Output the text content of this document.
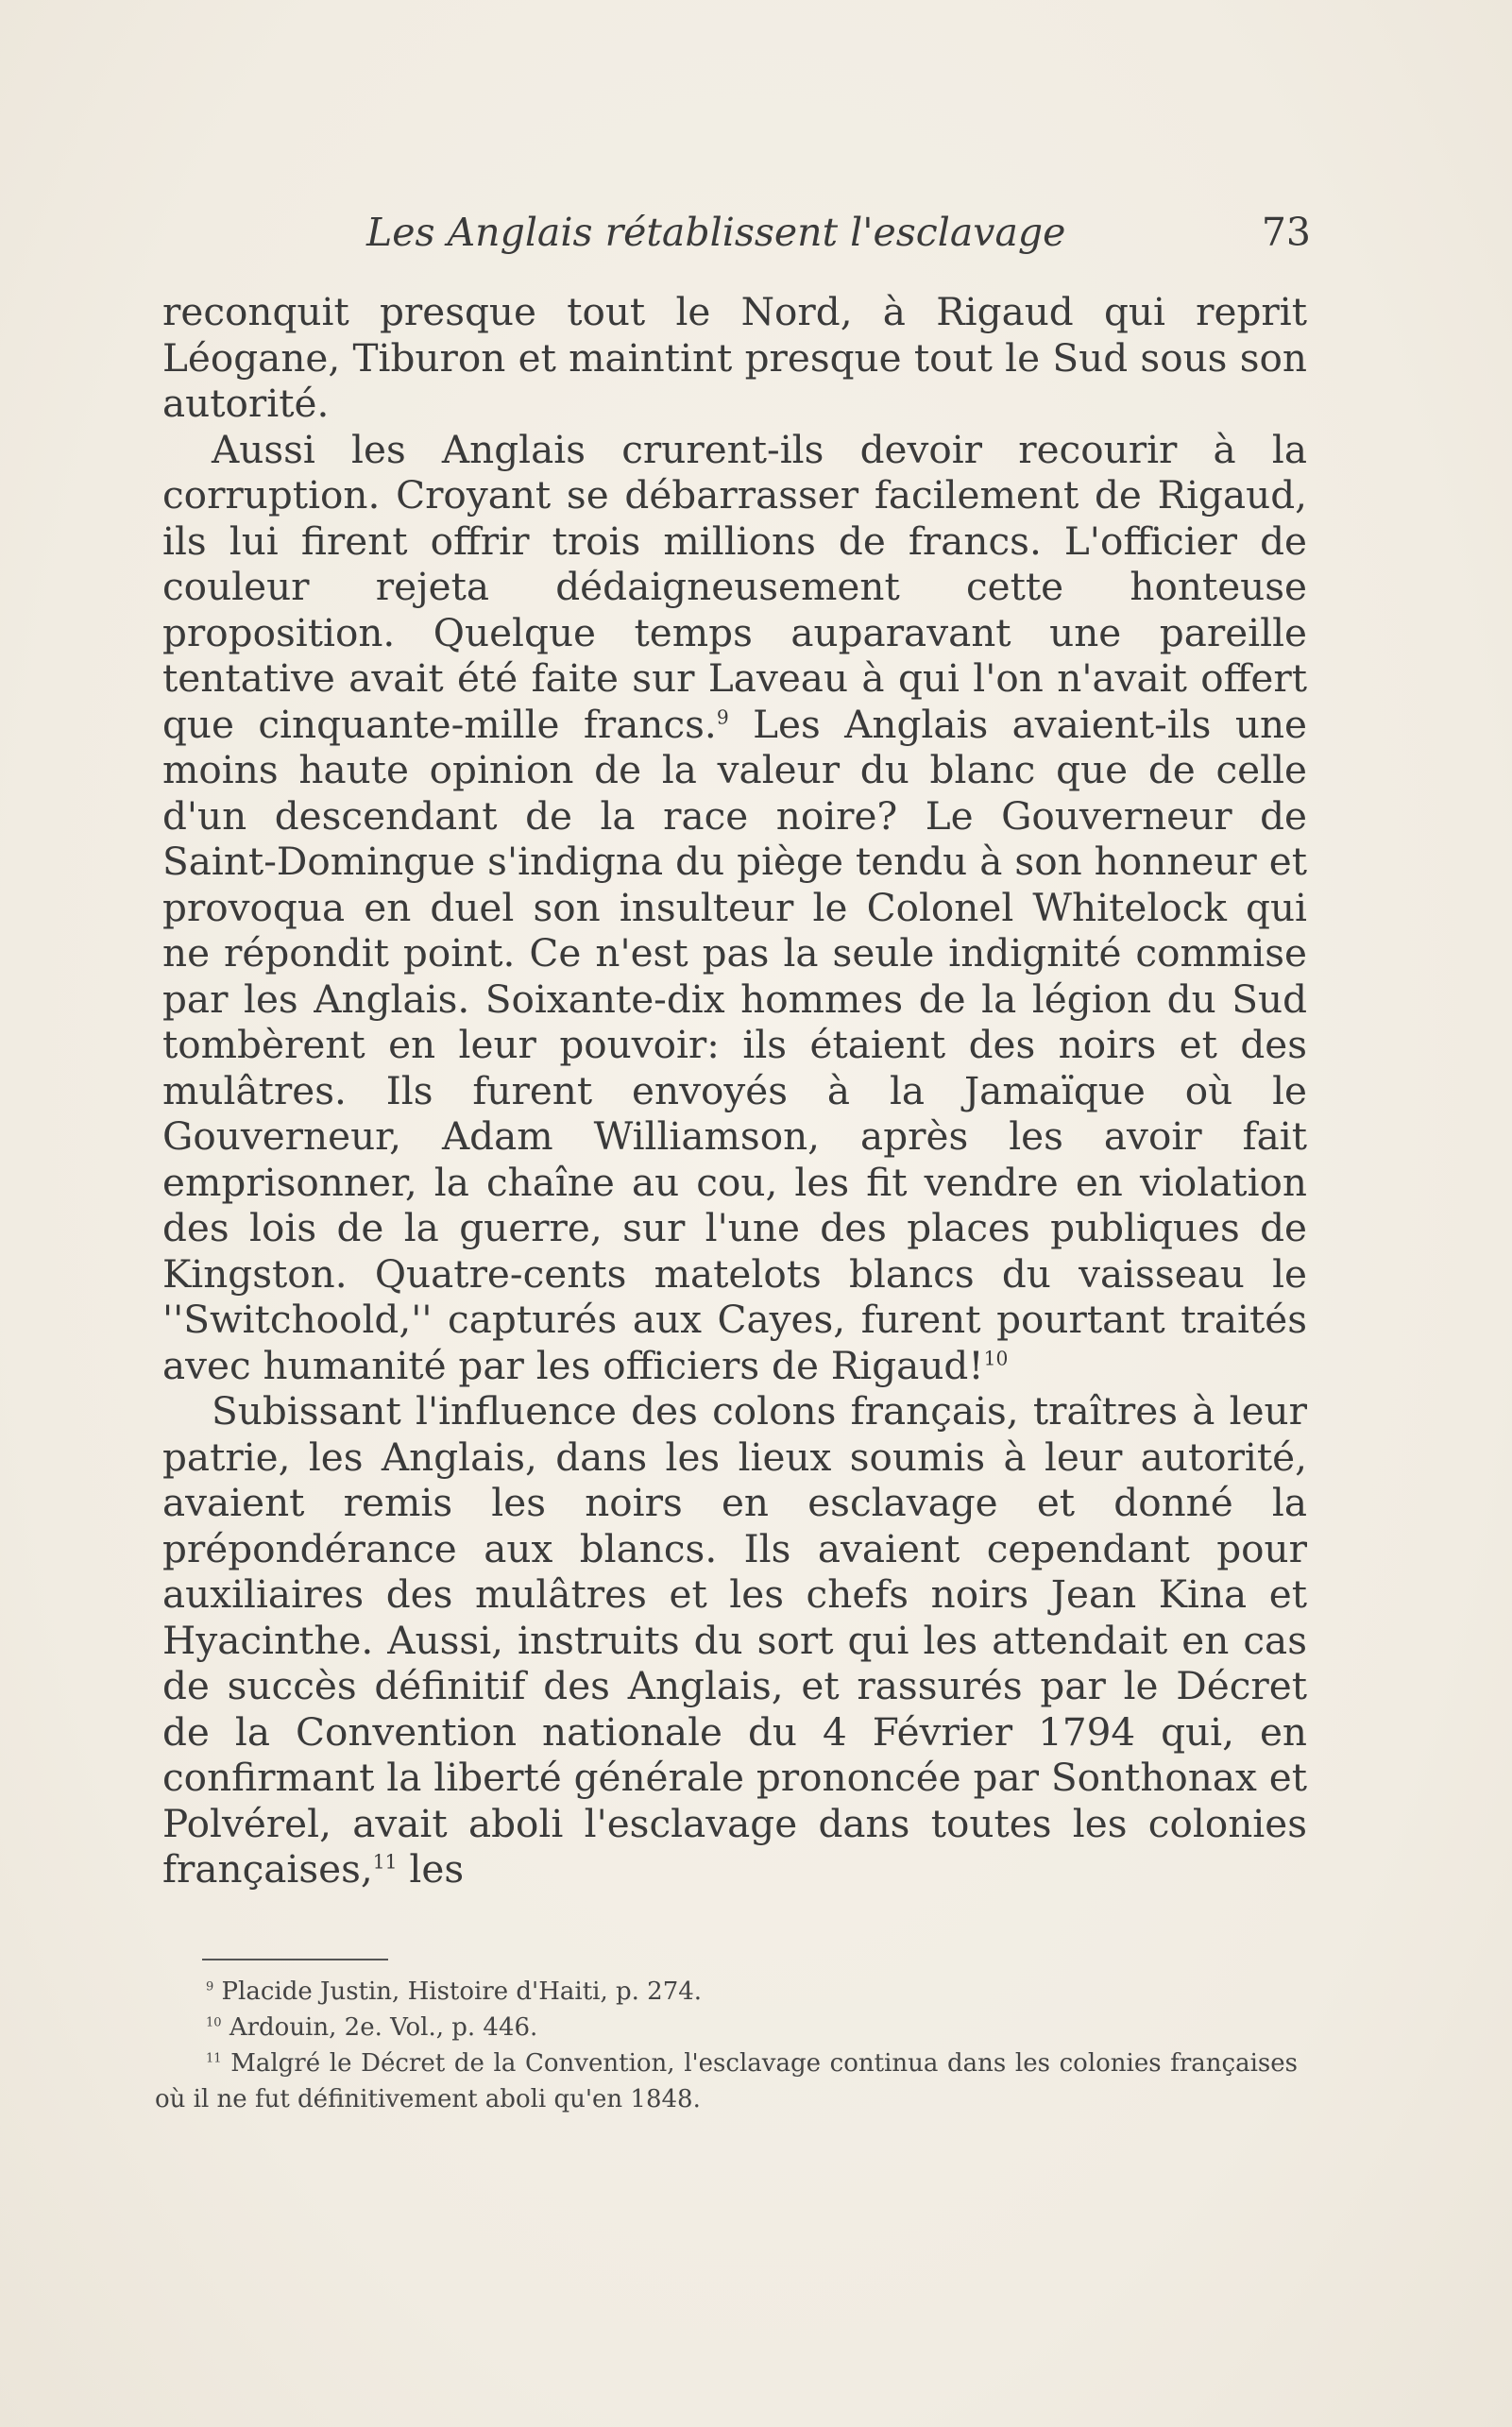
Les Anglais rétablissent l'esclavage	73

reconquit presque tout le Nord, à Rigaud qui reprit Léogane, Tiburon et maintint presque tout le Sud sous son autorité.

Aussi les Anglais crurent-ils devoir recourir à la corruption. Croyant se débarrasser facilement de Rigaud, ils lui firent offrir trois millions de francs. L'officier de couleur rejeta dédaigneusement cette honteuse proposition. Quelque temps auparavant une pareille tentative avait été faite sur Laveau à qui l'on n'avait offert que cinquante-mille francs.$^9$ Les Anglais avaient-ils une moins haute opinion de la valeur du blanc que de celle d'un descendant de la race noire? Le Gouverneur de Saint-Domingue s'indigna du piège tendu à son honneur et provoqua en duel son insulteur le Colonel Whitelock qui ne répondit point. Ce n'est pas la seule indignité commise par les Anglais. Soixante-dix hommes de la légion du Sud tombèrent en leur pouvoir: ils étaient des noirs et des mulâtres. Ils furent envoyés à la Jamaïque où le Gouverneur, Adam Williamson, après les avoir fait emprisonner, la chaîne au cou, les fit vendre en violation des lois de la guerre, sur l'une des places publiques de Kingston. Quatre-cents matelots blancs du vaisseau le ''Switchoold,'' capturés aux Cayes, furent pourtant traités avec humanité par les officiers de Rigaud!$^{10}$

Subissant l'influence des colons français, traîtres à leur patrie, les Anglais, dans les lieux soumis à leur autorité, avaient remis les noirs en esclavage et donné la prépondérance aux blancs. Ils avaient cependant pour auxiliaires des mulâtres et les chefs noirs Jean Kina et Hyacinthe. Aussi, instruits du sort qui les attendait en cas de succès définitif des Anglais, et rassurés par le Décret de la Convention nationale du 4 Février 1794 qui, en confirmant la liberté générale prononcée par Sonthonax et Polvérel, avait aboli l'esclavage dans toutes les colonies françaises,$^{11}$ les

$^9$ Placide Justin, Histoire d'Haiti, p. 274.

$^{10}$ Ardouin, 2e. Vol., p. 446.

$^{11}$ Malgré le Décret de la Convention, l'esclavage continua dans les colonies françaises où il ne fut définitivement aboli qu'en 1848.
